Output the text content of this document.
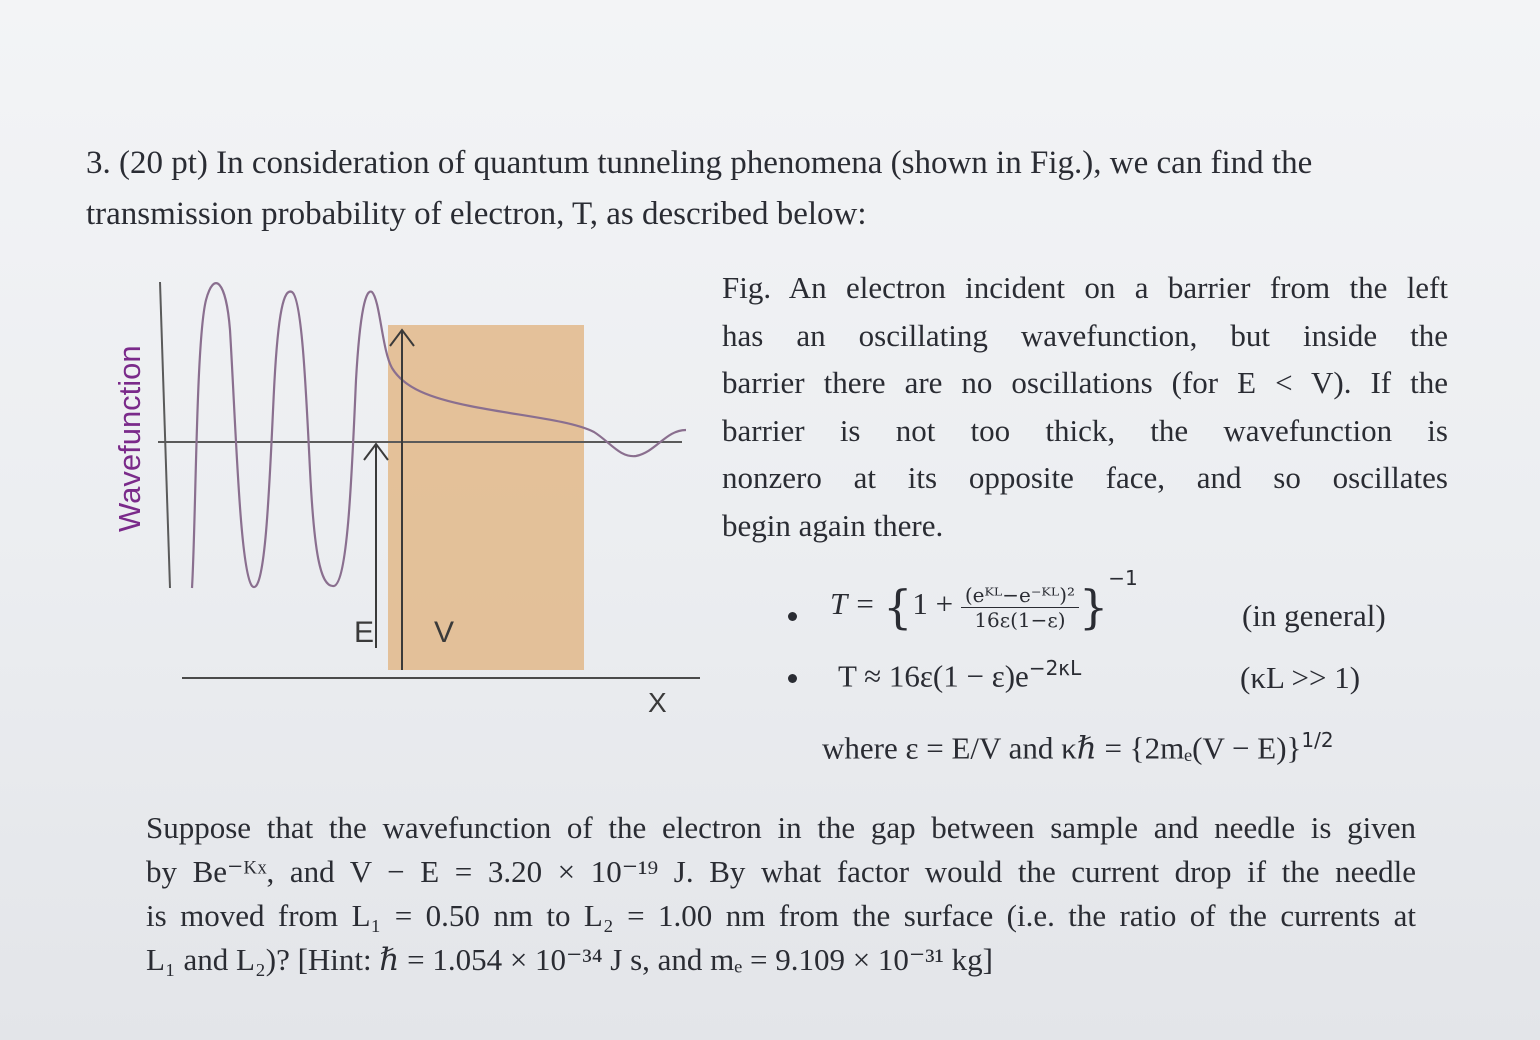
3. (20 pt) In consideration of quantum tunneling phenomena (shown in Fig.), we can find the
transmission probability of electron, T, as described below:
Wavefunction
E V
X
Fig. An electron incident on a barrier from the left
has an oscillating wavefunction, but inside the
barrier there are no oscillations (for E < V). If the
barrier is not too thick, the wavefunction is
nonzero at its opposite face, and so oscillates
begin again there.
$T = \{1 + \frac{\text{(eᴷᴸ−e⁻ᴷᴸ)²}}{16\varepsilon(1-\varepsilon)} \}^{-1}$
(in general)
$T \approx 16\varepsilon(1 - \varepsilon)e^{-2\kappa L}$	(κL >> 1)
where ε = E/V and κℏ = $\{2m_e(V - E)\}^{1/2}$
Suppose that the wavefunction of the electron in the gap between sample and needle is given
by Be⁻ᴷˣ, and V − E = 3.20 × 10⁻¹⁹ J. By what factor would the current drop if the needle
is moved from L₁ = 0.50 nm to L₂ = 1.00 nm from the surface (i.e. the ratio of the currents at
L₁ and L₂)? [Hint: ℏ = 1.054 × 10⁻³⁴ J s, and mₑ = 9.109 × 10⁻³¹ kg]
